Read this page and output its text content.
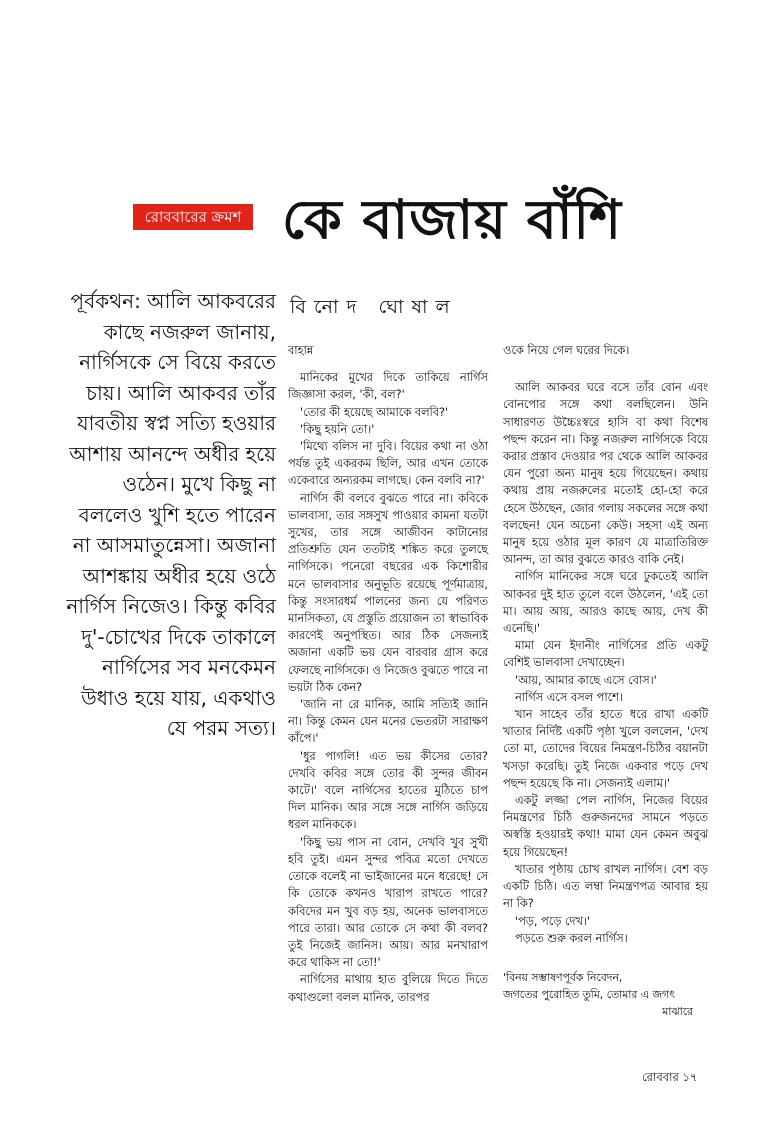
রোববারের ক্রমশ কে বাজায় বাঁশি

পূর্বকথন: আলি আকবরের কাছে নজরুল জানায়, নার্গিসকে সে বিয়ে করতে চায়। আলি আকবর তাঁর যাবতীয় স্বপ্ন সত্যি হওয়ার আশায় আনন্দে অধীর হয়ে ওঠেন। মুখে কিছু না বললেও খুশি হতে পারেন না আসমাতুন্নেসা। অজানা আশঙ্কায় অধীর হয়ে ওঠে নার্গিস নিজেও। কিন্তু কবির দু'-চোখের দিকে তাকালে নার্গিসের সব মনকেমন উধাও হয়ে যায়, একথাও যে পরম সত্য।

বিনোদ ঘোষাল

বাহান্ন

মানিকের মুখের দিকে তাকিয়ে নার্গিস জিজ্ঞাসা করল, 'কী, বল?'

'তোর কী হয়েছে আমাকে বলবি?'

'কিছু হয়নি তো।'

'মিথ্যে বলিস না দুবি। বিয়ের কথা না ওঠা পর্যন্ত তুই একরকম ছিলি, আর এখন তোকে একেবারে অন্যরকম লাগছে। কেন বলবি না?'

নার্গিস কী বলবে বুঝতে পারে না। কবিকে ভালবাসা, তার সঙ্গসুখ পাওয়ার কামনা যতটা সুখের, তার সঙ্গে আজীবন কাটানোর প্রতিশ্রুতি যেন ততটাই শঙ্কিত করে তুলছে নার্গিসকে। পনেরো বছরের এক কিশোরীর মনে ভালবাসার অনুভূতি রয়েছে পূর্ণমাত্রায়, কিন্তু সংসারধর্ম পালনের জন্য যে পরিণত মানসিকতা, যে প্রস্তুতি প্রয়োজন তা স্বাভাবিক কারণেই অনুপস্থিত। আর ঠিক সেজন্যই অজানা একটি ভয় যেন বারবার গ্রাস করে ফেলছে নার্গিসকে। ও নিজেও বুঝতে পারে না ভয়টা ঠিক কেন?

'জানি না রে মানিক, আমি সত্যিই জানি না। কিন্তু কেমন যেন মনের ভেতরটা সারাক্ষণ কাঁপে।'

'ধুর পাগলি! এত ভয় কীসের তোর? দেখবি কবির সঙ্গে তোর কী সুন্দর জীবন কাটে।' বলে নার্গিসের হাতের মুঠিতে চাপ দিল মানিক। আর সঙ্গে সঙ্গে নার্গিস জড়িয়ে ধরল মানিককে।

'কিছু ভয় পাস না বোন, দেখবি খুব সুখী হবি তুই। এমন সুন্দর পবিত্র মতো দেখতে তোকে বলেই না ভাইজানের মনে ধরেছে! সে কি তোকে কখনও খারাপ রাখতে পারে? কবিদের মন খুব বড় হয়, অনেক ভালবাসতে পারে তারা। আর তোকে সে কথা কী বলব? তুই নিজেই জানিস। আয়। আর মনখারাপ করে থাকিস না তো!'

নার্গিসের মাথায় হাত বুলিয়ে দিতে দিতে কথাগুলো বলল মানিক, তারপর

ওকে নিয়ে গেল ঘরের দিকে।

আলি আকবর ঘরে বসে তাঁর বোন এবং বোনপোর সঙ্গে কথা বলছিলেন। উনি সাধারণত উচ্চৈঃস্বরে হাসি বা কথা বিশেষ পছন্দ করেন না। কিন্তু নজরুল নার্গিসকে বিয়ে করার প্রস্তাব দেওয়ার পর থেকে আলি আকবর যেন পুরো অন্য মানুষ হয়ে গিয়েছেন। কথায় কথায় প্রায় নজরুলের মতোই হো-হো করে হেসে উঠছেন, জোর গলায় সকলের সঙ্গে কথা বলছেন! যেন অচেনা কেউ। সহসা এই অন্য মানুষ হয়ে ওঠার মূল কারণ যে মাত্রাতিরিক্ত আনন্দ, তা আর বুঝতে কারও বাকি নেই।

নার্গিস মানিকের সঙ্গে ঘরে ঢুকতেই আলি আকবর দুই হাত তুলে বলে উঠলেন, 'এই তো মা। আয় আয়, আরও কাছে আয়, দেখ কী এনেছি।'

মামা যেন ইদানীং নার্গিসের প্রতি একটু বেশিই ভালবাসা দেখাচ্ছেন।

'আয়, আমার কাছে এসে বোস।'

নার্গিস এসে বসল পাশে।

খান সাহেব তাঁর হাতে ধরে রাখা একটি খাতার নির্দিষ্ট একটি পৃষ্ঠা খুলে বললেন, 'দেখ তো মা, তোদের বিয়ের নিমন্ত্রণ-চিঠির বয়ানটা খসড়া করেছি। তুই নিজে একবার পড়ে দেখ পছন্দ হয়েছে কি না। সেজন্যই এলাম।'

একটু লজ্জা পেল নার্গিস, নিজের বিয়ের নিমন্ত্রণের চিঠি গুরুজনদের সামনে পড়তে অস্বস্তি হওয়ারই কথা! মামা যেন কেমন অবুঝ হয়ে গিয়েছেন!

খাতার পৃষ্ঠায় চোখ রাখল নার্গিস। বেশ বড় একটি চিঠি। এত লম্বা নিমন্ত্রণপত্র আবার হয় না কি?

'পড়, পড়ে দেখ।'

পড়তে শুরু করল নার্গিস।

'বিনয় সম্ভাষণপূর্বক নিবেদন,

জগতের পুরোহিত তুমি, তোমার এ জগৎ

মাঝারে

রোববার ১৭
